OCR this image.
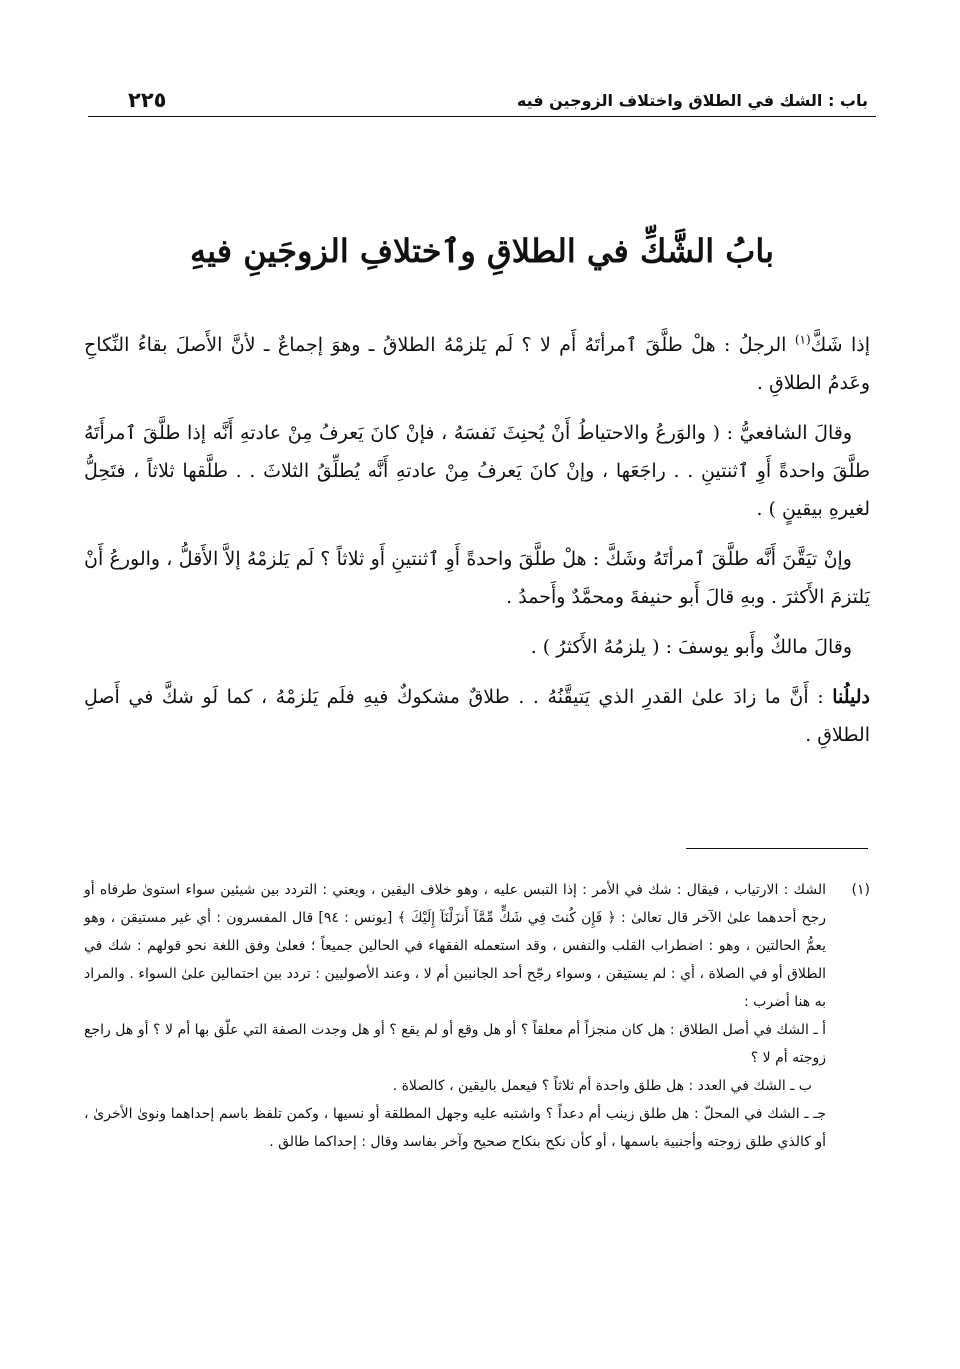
باب : الشك في الطلاق واختلاف الزوجين فيه
٢٢٥
بابُ الشَّكِّ في الطلاقِ وٱختلافِ الزوجَينِ فيهِ

إذا شَكَّ$^{(١)}$ الرجلُ : هلْ طلَّقَ ٱمرأتَهُ أَم لا ؟ لَم يَلزمْهُ الطلاقُ ـ وهوَ إجماعٌ ـ لأنَّ الأَصلَ بقاءُ النِّكاحِ وعَدمُ الطلاقِ .

وقالَ الشافعيُّ : ( والوَرعُ والاحتياطُ أَنْ يُحنِثَ نَفسَهُ ، فإنْ كانَ يَعرفُ مِنْ عادتهِ أَنَّه إذا طلَّقَ ٱمرأَتَهُ طلَّقَ واحدةً أَوِ ٱثنتينِ . . راجَعَها ، وإنْ كانَ يَعرفُ مِنْ عادتهِ أَنَّه يُطلِّقُ الثلاثَ . . طلَّقها ثلاثاً ، فتَحِلُّ لغيرهِ بيقينٍ ) .

وإنْ تيَقَّنَ أَنَّه طلَّقَ ٱمرأتَهُ وشَكَّ : هلْ طلَّقَ واحدةً أَوِ ٱثنتينِ أَو ثلاثاً ؟ لَم يَلزمْهُ إلاَّ الأَقلُّ ، والورعُ أَنْ يَلتزمَ الأَكثرَ . وبهِ قالَ أَبو حنيفةَ ومحمَّدٌ وأَحمدُ .

وقالَ مالكٌ وأَبو يوسفَ : ( يلزمُهُ الأَكثرُ ) .

دليلُنا : أَنَّ ما زادَ علىٰ القدرِ الذي يَتيقَّنُهُ . . طلاقٌ مشكوكٌ فيهِ فلَم يَلزمْهُ ، كما لَو شكَّ في أَصلِ الطلاقِ .

(١)

الشك : الارتياب ، فيقال : شك في الأمر : إذا التبس عليه ، وهو خلاف اليقين ، ويعني : التردد بين شيئين سواء استوىٰ طرفاه أو رجح أحدهما علىٰ الآخر قال تعالىٰ : ﴿ فَإِن كُنتَ فِي شَكٍّ مِّمَّآ أَنزَلْنَآ إِلَيْكَ ﴾ [يونس : ٩٤] قال المفسرون : أي غير مستيقن ، وهو يعمُّ الحالتين ، وهو : اضطراب القلب والنفس ، وقد استعمله الفقهاء في الحالين جميعاً ؛ فعلىٰ وفق اللغة نحو قولهم : شك في الطلاق أو في الصلاة ، أي : لم يستيقن ، وسواء رجّح أحد الجانبين أم لا ، وعند الأصوليين : تردد بين احتمالين علىٰ السواء . والمراد به هنا أضرب :

أ ـ الشك في أصل الطلاق : هل كان منجزاً أم معلقاً ؟ أو هل وقع أو لم يقع ؟ أو هل وجدت الصفة التي علّق بها أم لا ؟ أو هل راجع زوجته أم لا ؟

ب ـ الشك في العدد : هل طلق واحدة أم ثلاثاً ؟ فيعمل باليقين ، كالصلاة .

جـ ـ الشك في المحلّ : هل طلق زينب أم دعداً ؟ واشتبه عليه وجهل المطلقة أو نسيها ، وكمن تلفظ باسم إحداهما ونوىٰ الأخرىٰ ، أو كالذي طلق زوجته وأجنبية باسمها ، أو كأن نكح بنكاح صحيح وآخر بفاسد وقال : إحداكما طالق .
